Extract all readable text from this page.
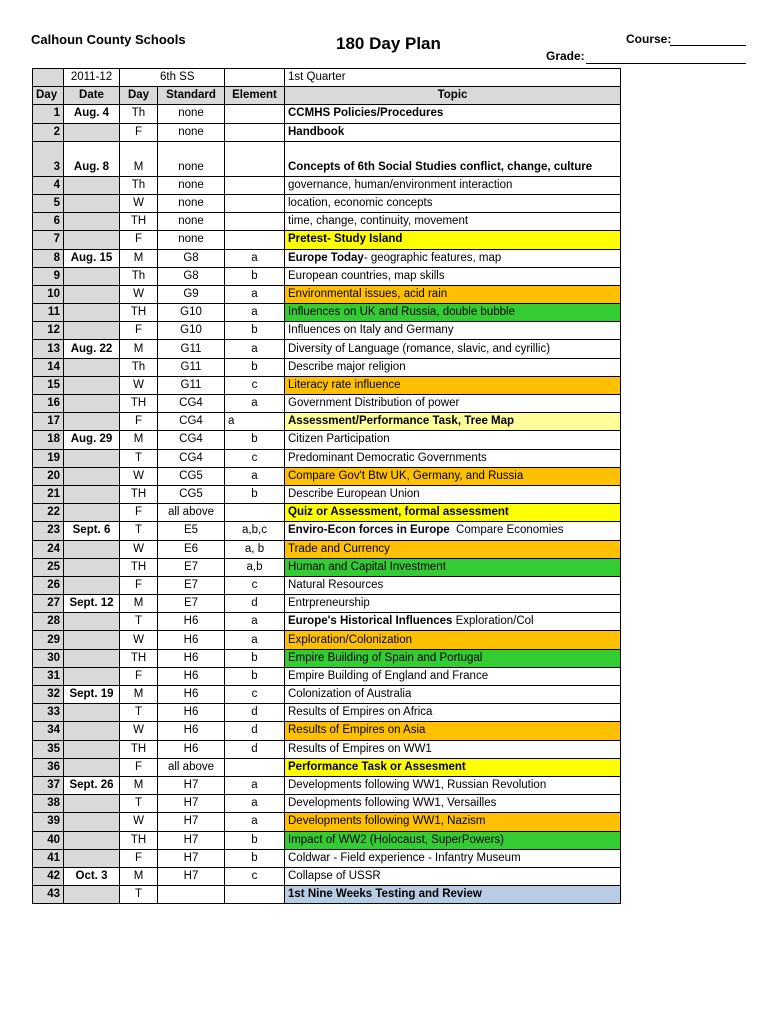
Calhoun County Schools	180 Day Plan	Course:
Grade:
	2011-12	6th SS			1st Quarter
Day	Date	Day	Standard	Element	Topic
1	Aug. 4	Th	none		CCMHS Policies/Procedures
2		F	none		Handbook
3	Aug. 8	M	none		Concepts of 6th Social Studies conflict, change, culture
4		Th	none		governance, human/environment interaction
5		W	none		location, economic concepts
6		TH	none		time, change, continuity, movement
7		F	none		Pretest- Study Island
8	Aug. 15	M	G8	a	Europe Today- geographic features, map
9		Th	G8	b	European countries, map skills
10		W	G9	a	Environmental issues, acid rain
11		TH	G10	a	Influences on UK and Russia, double bubble
12		F	G10	b	Influences on Italy and Germany
13	Aug. 22	M	G11	a	Diversity of Language (romance, slavic, and cyrillic)
14		Th	G11	b	Describe major religion
15		W	G11	c	Literacy rate influence
16		TH	CG4	a	Government Distribution of power
17		F	CG4	a	Assessment/Performance Task, Tree Map
18	Aug. 29	M	CG4	b	Citizen Participation
19		T	CG4	c	Predominant Democratic Governments
20		W	CG5	a	Compare Gov't Btw UK, Germany, and Russia
21		TH	CG5	b	Describe European Union
22		F	all above		Quiz or Assessment, formal assessment
23	Sept. 6	T	E5	a,b,c	Enviro-Econ forces in Europe  Compare Economies
24		W	E6	a, b	Trade and Currency
25		TH	E7	a,b	Human and Capital Investment
26		F	E7	c	Natural Resources
27	Sept. 12	M	E7	d	Entrpreneurship
28		T	H6	a	Europe's Historical Influences Exploration/Col
29		W	H6	a	Exploration/Colonization
30		TH	H6	b	Empire Building of Spain and Portugal
31		F	H6	b	Empire Building of England and France
32	Sept. 19	M	H6	c	Colonization of Australia
33		T	H6	d	Results of Empires on Africa
34		W	H6	d	Results of Empires on Asia
35		TH	H6	d	Results of Empires on WW1
36		F	all above		Performance Task or Assesment
37	Sept. 26	M	H7	a	Developments following WW1, Russian Revolution
38		T	H7	a	Developments following WW1, Versailles
39		W	H7	a	Developments following WW1, Nazism
40		TH	H7	b	Impact of WW2 (Holocaust, SuperPowers)
41		F	H7	b	Coldwar - Field experience - Infantry Museum
42	Oct. 3	M	H7	c	Collapse of USSR
43		T			1st Nine Weeks Testing and Review
